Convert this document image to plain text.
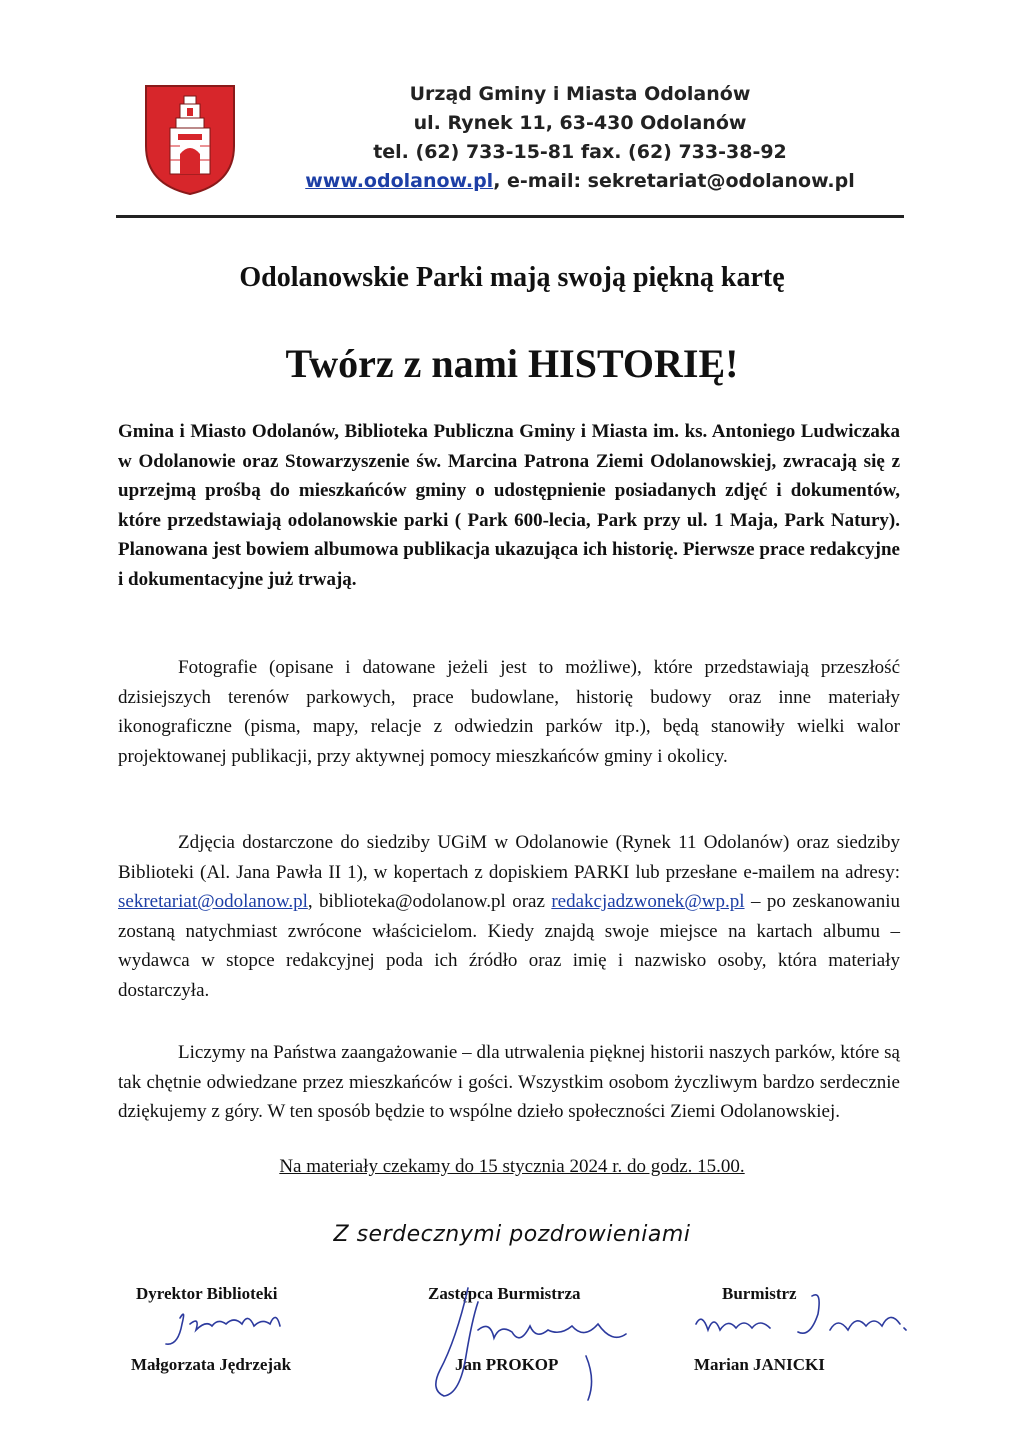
Urząd Gminy i Miasta Odolanów
ul. Rynek 11, 63-430 Odolanów
tel. (62) 733-15-81 fax. (62) 733-38-92
www.odolanow.pl, e-mail: sekretariat@odolanow.pl
Odolanowskie Parki mają swoją piękną kartę
Twórz z nami HISTORIĘ!
Gmina i Miasto Odolanów, Biblioteka Publiczna Gminy i Miasta im. ks. Antoniego Ludwiczaka w Odolanowie oraz Stowarzyszenie św. Marcina Patrona Ziemi Odolanowskiej, zwracają się z uprzejmą prośbą do mieszkańców gminy o udostępnienie posiadanych zdjęć i dokumentów, które przedstawiają odolanowskie parki ( Park 600-lecia, Park przy ul. 1 Maja, Park Natury). Planowana jest bowiem albumowa publikacja ukazująca ich historię. Pierwsze prace redakcyjne i dokumentacyjne już trwają.
Fotografie (opisane i datowane jeżeli jest to możliwe), które przedstawiają przeszłość dzisiejszych terenów parkowych, prace budowlane, historię budowy oraz inne materiały ikonograficzne (pisma, mapy, relacje z odwiedzin parków itp.), będą stanowiły wielki walor projektowanej publikacji, przy aktywnej pomocy mieszkańców gminy i okolicy.
Zdjęcia dostarczone do siedziby UGiM w Odolanowie (Rynek 11 Odolanów) oraz siedziby Biblioteki (Al. Jana Pawła II 1), w kopertach z dopiskiem PARKI lub przesłane e-mailem na adresy: sekretariat@odolanow.pl, biblioteka@odolanow.pl oraz redakcjadzwonek@wp.pl – po zeskanowaniu zostaną natychmiast zwrócone właścicielom. Kiedy znajdą swoje miejsce na kartach albumu – wydawca w stopce redakcyjnej poda ich źródło oraz imię i nazwisko osoby, która materiały dostarczyła.
Liczymy na Państwa zaangażowanie – dla utrwalenia pięknej historii naszych parków, które są tak chętnie odwiedzane przez mieszkańców i gości. Wszystkim osobom życzliwym bardzo serdecznie dziękujemy z góry. W ten sposób będzie to wspólne dzieło społeczności Ziemi Odolanowskiej.
Na materiały czekamy do 15 stycznia 2024 r. do godz. 15.00.
Z serdecznymi pozdrowieniami
Dyrektor Biblioteki
Małgorzata Jędrzejak
Zastępca Burmistrza
Jan PROKOP
Burmistrz
Marian JANICKI
